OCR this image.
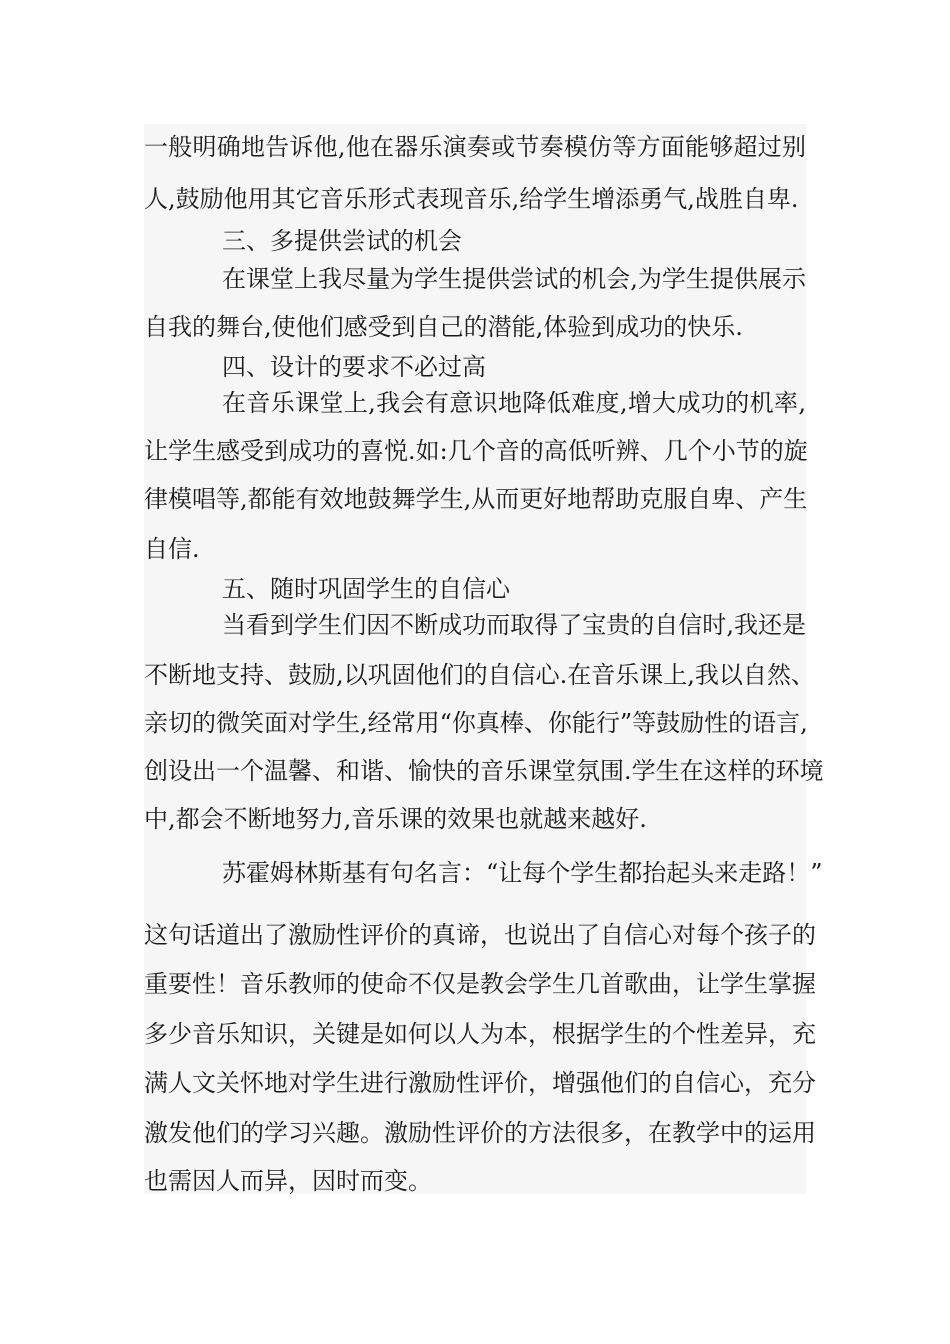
一般明确地告诉他,他在器乐演奏或节奏模仿等方面能够超过别
人,鼓励他用其它音乐形式表现音乐,给学生增添勇气,战胜自卑.
三、多提供尝试的机会
在课堂上我尽量为学生提供尝试的机会,为学生提供展示
自我的舞台,使他们感受到自己的潜能,体验到成功的快乐.
四、设计的要求不必过高
在音乐课堂上,我会有意识地降低难度,增大成功的机率,
让学生感受到成功的喜悦.如:几个音的高低听辨、几个小节的旋
律模唱等,都能有效地鼓舞学生,从而更好地帮助克服自卑、产生
自信.
五、随时巩固学生的自信心
当看到学生们因不断成功而取得了宝贵的自信时,我还是
不断地支持、鼓励,以巩固他们的自信心.在音乐课上,我以自然、
亲切的微笑面对学生,经常用“你真棒、你能行”等鼓励性的语言,
创设出一个温馨、和谐、愉快的音乐课堂氛围.学生在这样的环境
中,都会不断地努力,音乐课的效果也就越来越好.
苏霍姆林斯基有句名言：“让每个学生都抬起头来走路！”
这句话道出了激励性评价的真谛，也说出了自信心对每个孩子的
重要性！音乐教师的使命不仅是教会学生几首歌曲，让学生掌握
多少音乐知识，关键是如何以人为本，根据学生的个性差异，充
满人文关怀地对学生进行激励性评价，增强他们的自信心，充分
激发他们的学习兴趣。激励性评价的方法很多，在教学中的运用
也需因人而异，因时而变。
